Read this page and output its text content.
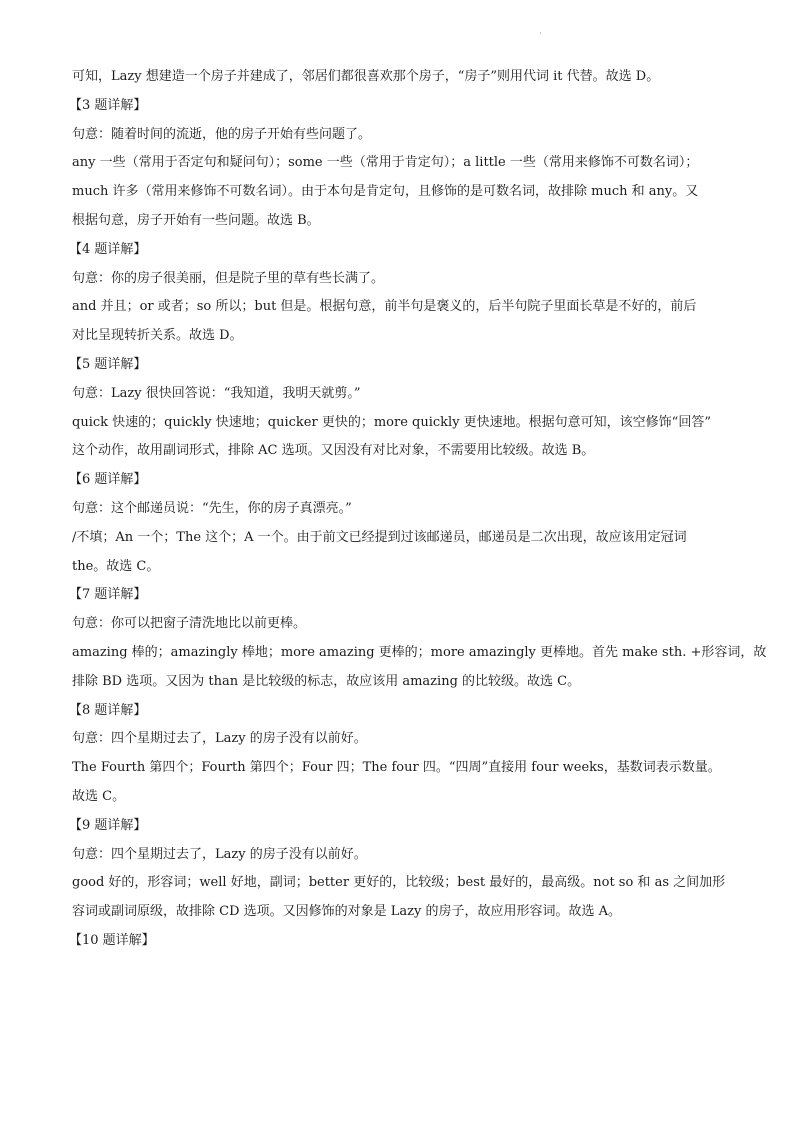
·
可知，Lazy 想建造一个房子并建成了，邻居们都很喜欢那个房子，“房子”则用代词 it 代替。故选 D。
【3 题详解】
句意：随着时间的流逝，他的房子开始有些问题了。
any 一些（常用于否定句和疑问句）；some 一些（常用于肯定句）；a little 一些（常用来修饰不可数名词）；
much 许多（常用来修饰不可数名词）。由于本句是肯定句，且修饰的是可数名词，故排除 much 和 any。又
根据句意，房子开始有一些问题。故选 B。
【4 题详解】
句意：你的房子很美丽，但是院子里的草有些长满了。
and 并且；or 或者；so 所以；but 但是。根据句意，前半句是褒义的，后半句院子里面长草是不好的，前后
对比呈现转折关系。故选 D。
【5 题详解】
句意：Lazy 很快回答说：“我知道，我明天就剪。”
quick 快速的；quickly 快速地；quicker 更快的；more quickly 更快速地。根据句意可知，该空修饰“回答”
这个动作，故用副词形式，排除 AC 选项。又因没有对比对象，不需要用比较级。故选 B。
【6 题详解】
句意：这个邮递员说：“先生，你的房子真漂亮。”
/不填；An 一个；The 这个；A 一个。由于前文已经提到过该邮递员，邮递员是二次出现，故应该用定冠词
the。故选 C。
【7 题详解】
句意：你可以把窗子清洗地比以前更棒。
amazing 棒的；amazingly 棒地；more amazing 更棒的；more amazingly 更棒地。首先 make sth. +形容词，故
排除 BD 选项。又因为 than 是比较级的标志，故应该用 amazing 的比较级。故选 C。
【8 题详解】
句意：四个星期过去了，Lazy 的房子没有以前好。
The Fourth 第四个；Fourth 第四个；Four 四；The four 四。“四周”直接用 four weeks，基数词表示数量。
故选 C。
【9 题详解】
句意：四个星期过去了，Lazy 的房子没有以前好。
good 好的，形容词；well 好地，副词；better 更好的，比较级；best 最好的，最高级。not so 和 as 之间加形
容词或副词原级，故排除 CD 选项。又因修饰的对象是 Lazy 的房子，故应用形容词。故选 A。
【10 题详解】
